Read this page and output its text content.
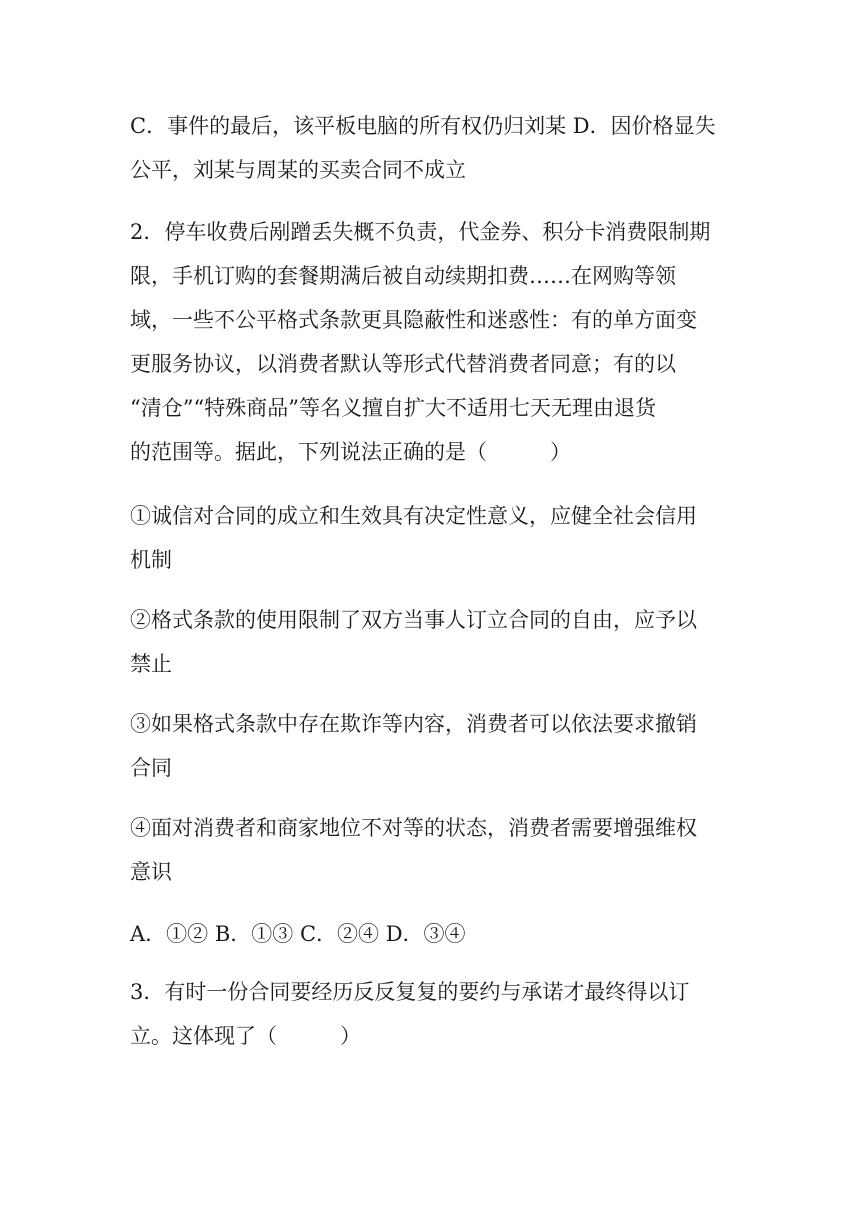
C．事件的最后，该平板电脑的所有权仍归刘某 D．因价格显失
公平，刘某与周某的买卖合同不成立
2．停车收费后剐蹭丢失概不负责，代金券、积分卡消费限制期
限，手机订购的套餐期满后被自动续期扣费……在网购等领
域，一些不公平格式条款更具隐蔽性和迷惑性：有的单方面变
更服务协议，以消费者默认等形式代替消费者同意；有的以
“清仓”“特殊商品”等名义擅自扩大不适用七天无理由退货
的范围等。据此，下列说法正确的是（　　　）
①诚信对合同的成立和生效具有决定性意义，应健全社会信用
机制
②格式条款的使用限制了双方当事人订立合同的自由，应予以
禁止
③如果格式条款中存在欺诈等内容，消费者可以依法要求撤销
合同
④面对消费者和商家地位不对等的状态，消费者需要增强维权
意识
A．①② B．①③ C．②④ D．③④
3．有时一份合同要经历反反复复的要约与承诺才最终得以订
立。这体现了（　　　）
